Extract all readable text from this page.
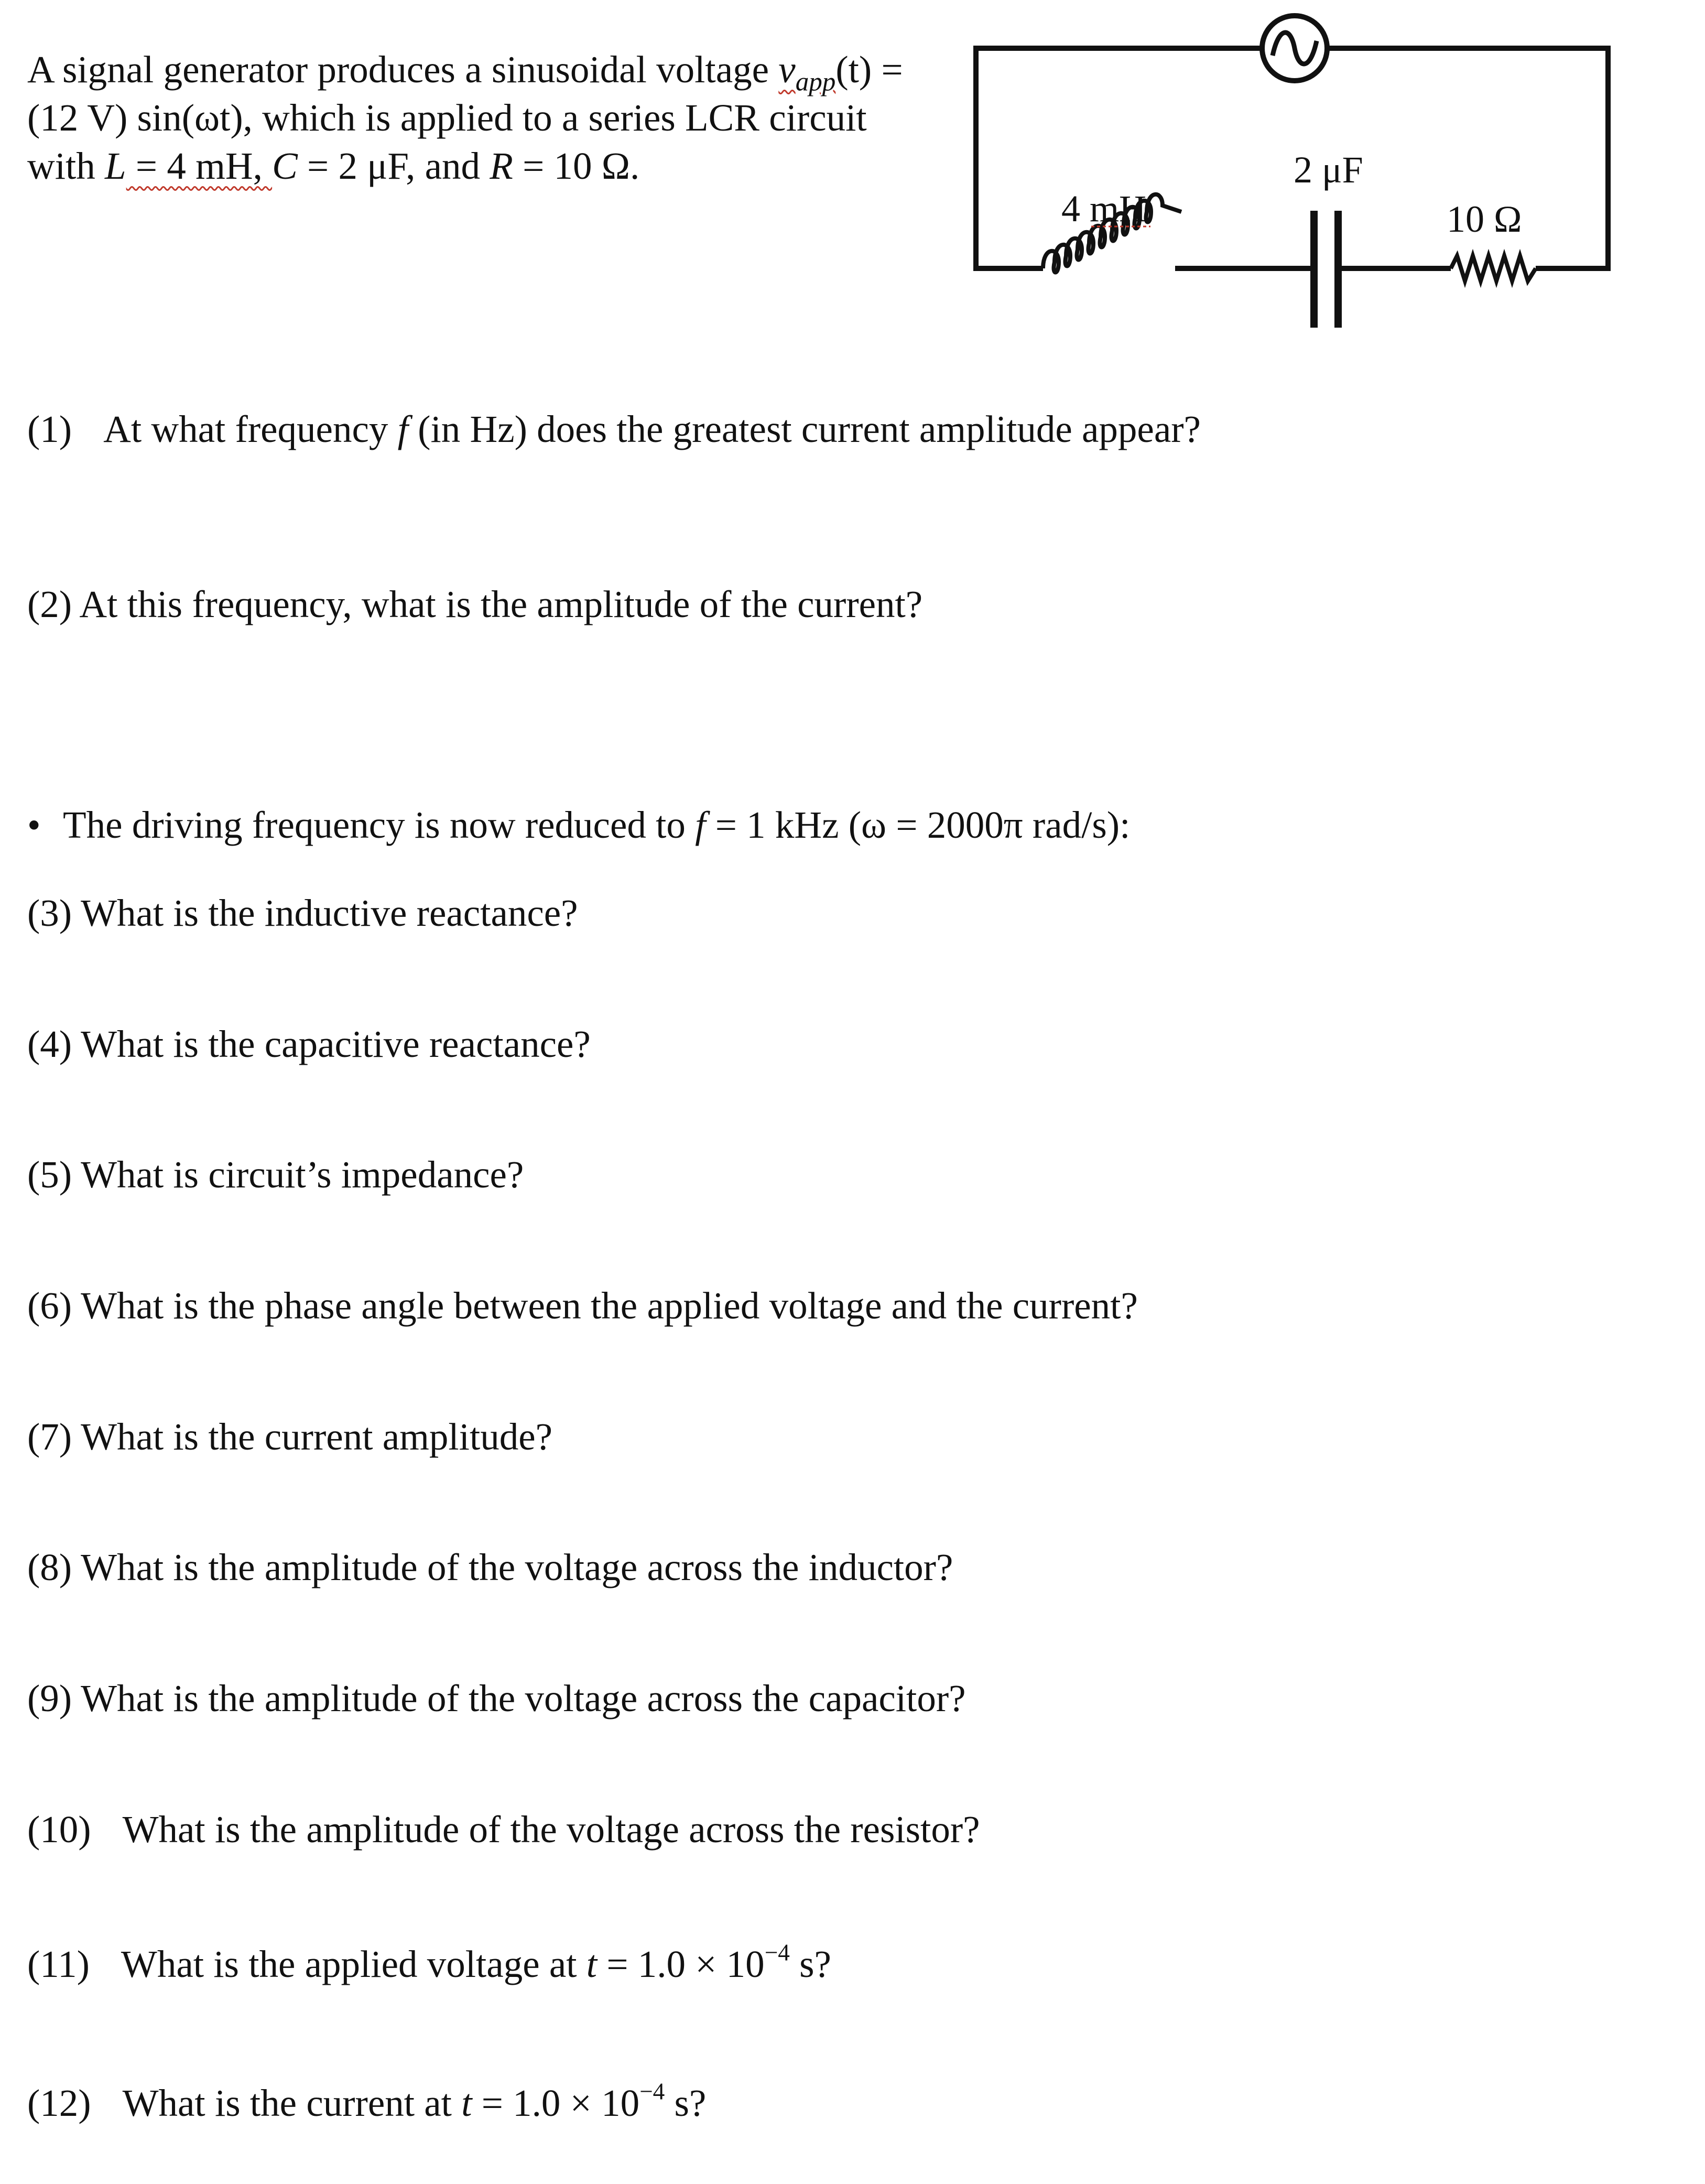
A signal generator produces a sinusoidal voltage $v_{app}(t)$ =
(12 V) sin(ωt), which is applied to a series LCR circuit
with L = 4 mH, C = 2 μF, and R = 10 Ω.
4 mH
2 μF
10 Ω
(1) At what frequency f (in Hz) does the greatest current amplitude appear?
(2) At this frequency, what is the amplitude of the current?
• The driving frequency is now reduced to f = 1 kHz (ω = 2000π rad/s):
(3) What is the inductive reactance?
(4) What is the capacitive reactance?
(5) What is circuit’s impedance?
(6) What is the phase angle between the applied voltage and the current?
(7) What is the current amplitude?
(8) What is the amplitude of the voltage across the inductor?
(9) What is the amplitude of the voltage across the capacitor?
(10) What is the amplitude of the voltage across the resistor?
(11) What is the applied voltage at $t = 1.0 \times 10^{-4}$ s?
(12) What is the current at $t = 1.0 \times 10^{-4}$ s?
